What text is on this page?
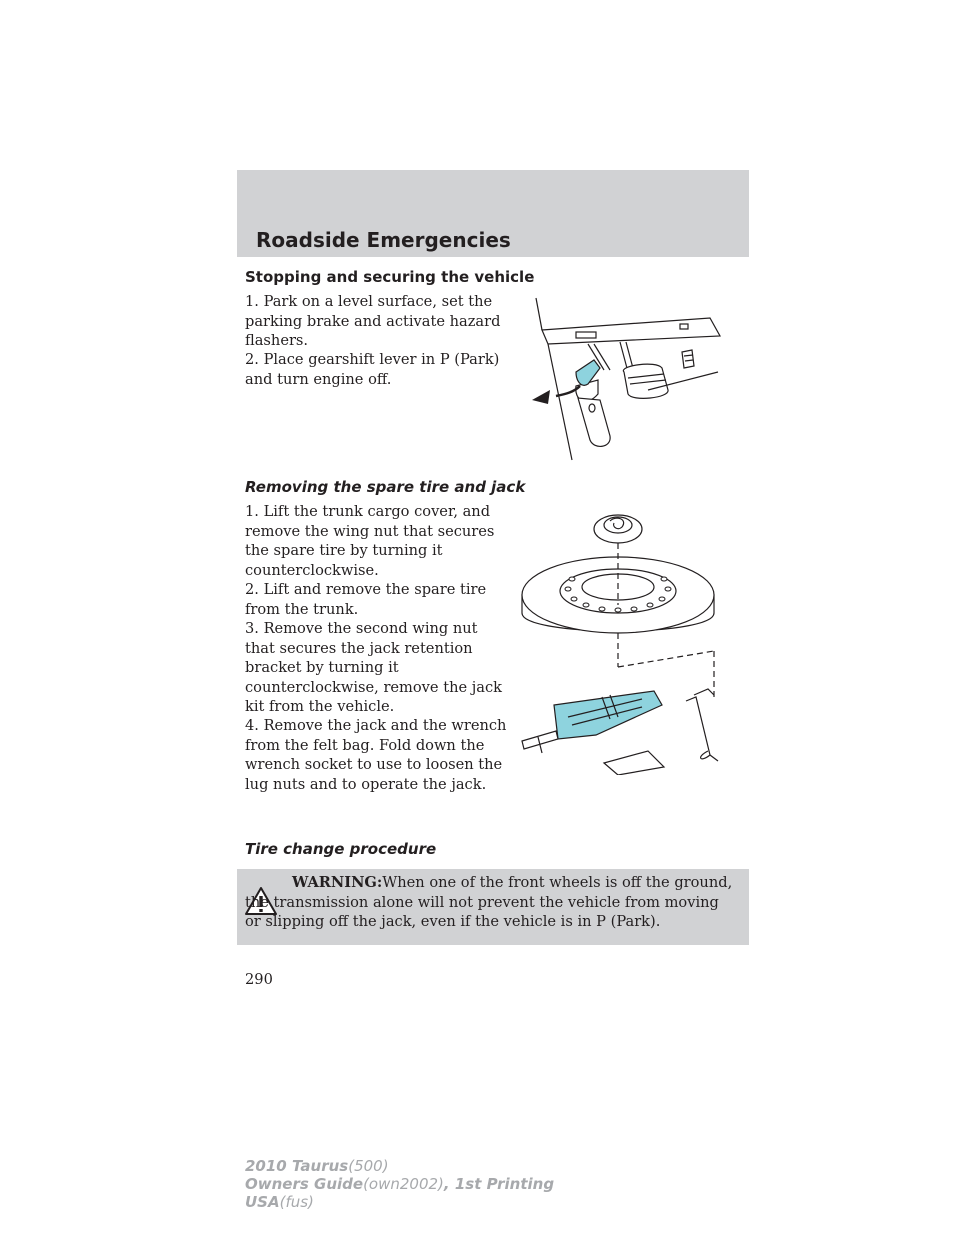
Roadside Emergencies
Stopping and securing the vehicle
1. Park on a level surface, set the parking brake and activate hazard flashers.
2. Place gearshift lever in P (Park) and turn engine off.
Removing the spare tire and jack
1. Lift the trunk cargo cover, and remove the wing nut that secures the spare tire by turning it counterclockwise.
2. Lift and remove the spare tire from the trunk.
3. Remove the second wing nut that secures the jack retention bracket by turning it counterclockwise, remove the jack kit from the vehicle.
4. Remove the jack and the wrench from the felt bag. Fold down the wrench socket to use to loosen the lug nuts and to operate the jack.
Tire change procedure
WARNING:When one of the front wheels is off the ground, the transmission alone will not prevent the vehicle from moving or slipping off the jack, even if the vehicle is in P (Park).
290
2010 Taurus(500)
Owners Guide(own2002), 1st Printing
USA(fus)
